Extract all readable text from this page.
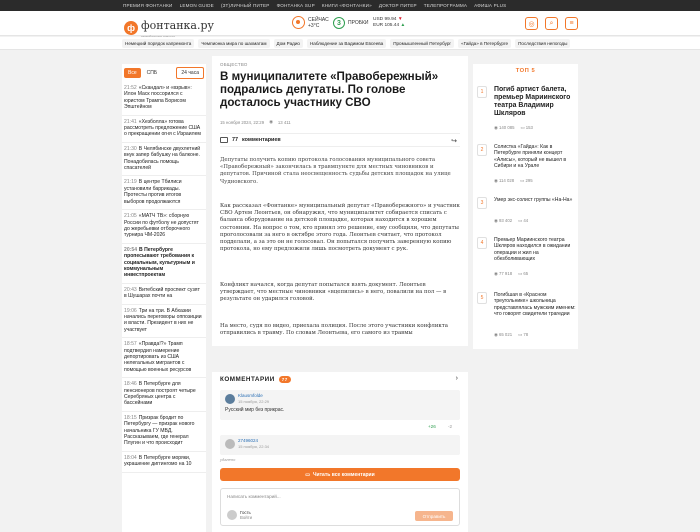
ПРЕМИЯ ФОНТАНКИ LEMON GUIDE (ЗТ)ЛИЧНЫЙ ПИТЕР ФОНТАНКА SUP КНИГИ «ФОНТАНКИ» ДОКТОР ПИТЕР ТЕЛЕПРОГРАММА АФИША PLUS
ф фонтанка.ру	СЕЙЧАС
+3°C	3	ПРОБКИ
USD 99.94 ▼
EUR 105.44 ▲	◎	⌕	≡
Немецкий порядок капремонта	Чемпионка мира по шахматам	Дом Радио	Наблюдение за Вадимом Евсеева	Промышленный Петербург	«Гайда» в Петербурге	Последствия непогоды
Все	СПБ	24 часа
21:52 «Скандал» и «взрыв»: Илон Маск поссорился с юристом Трампа Борисом Эпштейном
21:41 «Хезболла» готова рассмотреть предложение США о прекращении огня с Израилем
21:30 В Челябинске двухлетний внук запер бабушку на балконе. Понадобилась помощь спасателей
21:19 В центре Тбилиси установили баррикады. Протесты против итогов выборов продолжаются
21:05 «МАТЧ ТВ»: сборную России по футболу не допустят до жеребьевки отборочного турнира ЧМ-2026
20:54 В Петербурге пропесывают требования к социальным, культурным и коммунальным инвестпроектам
20:43 Витебский проспект сузят в Шушарах почти на
19:06 Три на три. В Абхазии начались переговоры оппозиции и власти. Президент в них не участвует
18:57 «Прaвдa!?» Трамп подтвердил намерение депортировать из США нелегальных мигрантов с помощью военных ресурсов
18:46 В Петербурге для пенсионеров построят четыре Серебряных центра с бассейнами
18:15 Призрак бродит по Петербургу — призрак нового начальника ГУ МВД. Рассказываем, где генерал Плугин и что происходит
18:04 В Петербурге моряки, украшение диггингомо на 10
ОБЩЕСТВО
В муниципалитете «Правобережный» подрались депутаты. По голове досталось участнику СВО
15 ноября 2024, 22:29 ◉ 13 411
77 комментариев	↪

Депутаты получить копию протокола голосования муниципального совета «Правобережный» закончилась в травмпункте для местных чиновников и депутатов. Причиной стала неосвещенность судьбы детских площадок на улице Чудновского.

Как рассказал «Фонтанке» муниципальный депутат «Правобережного» и участник СВО Артем Леонтьев, он обнаружил, что муниципалитет собирается списать с баланса оборудование на детской площадке, которая находится в хорошем состоянии. На вопрос о том, кто принял это решение, ему сообщили, что депутаты проголосовали за него в октябре этого года. Леонтьев считает, что протокол подделали, а за это он не голосовал. Он попытался получить заверенную копию протокола, но ему предложили лишь посмотреть документ с рук.

Конфликт начался, когда депутат попытался взять документ. Леонтьев утверждает, что местные чиновники «вцепились» в него, повалили на пол — в результате он ударился головой.

На место, судя по видео, приехала полиция. После этого участники конфликта отправились в травму. По словам Леонтьева, его самого из травмы

КОММЕНТАРИИ	77	›
Klausmfolde
15 ноября, 22:29
Русский мир без прикрас.
+26	-2
27496024
15 ноября, 22:34
удалено
▭ Читать все комментарии
Написать комментарий...
Гость
Войти	Отправить
ТОП 5
1	Погиб артист балета, премьер Мариинского театра Владимир Шкляров
◉ 140 085 ▭ 153
2	Солистка «Гайда»: Как в Петербурге приняли концерт «Алисы», который не вышел в Сибири и на Урале
◉ 114 028 ▭ 295
3	Умер экс-солист группы «На-На»
◉ 93 402 ▭ 44
4	Премьер Мариинского театра Шкляров находился в ожидании операции и жил на обезболивающих
◉ 77 918 ▭ 65
5	Погибшая в «Красном треугольнике» школьница представлялась мужским именем: что говорят свидетели трагедии
◉ 65 021 ▭ 78
